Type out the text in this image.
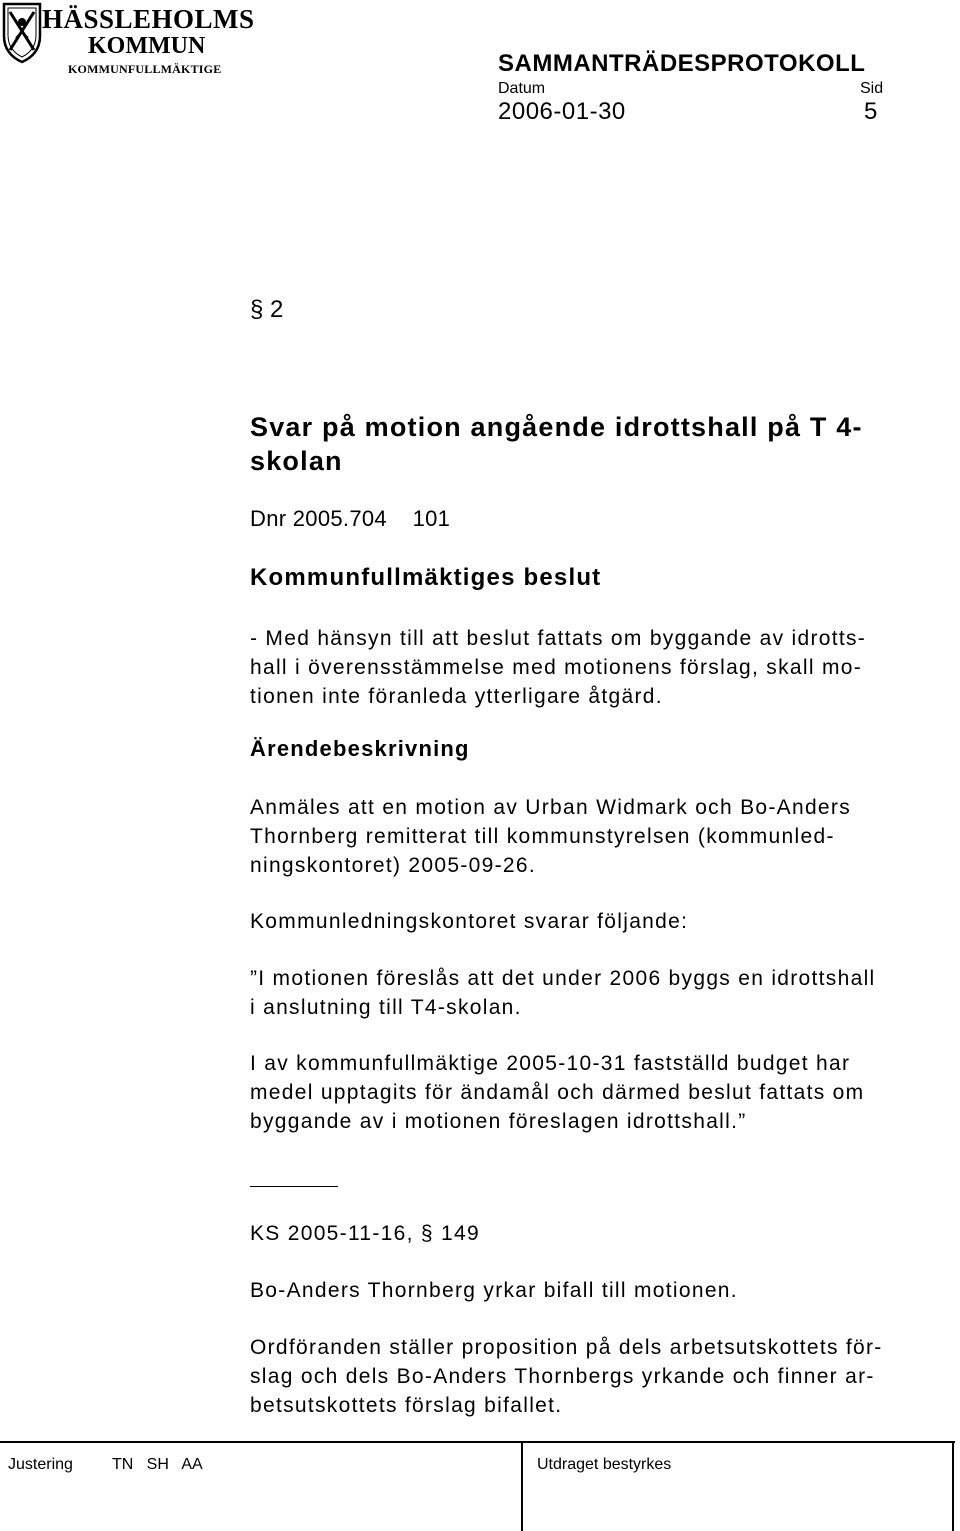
HÄSSLEHOLMS
KOMMUN
KOMMUNFULLMÄKTIGE	SAMMANTRÄDESPROTOKOLL
Datum	Sid
2006-01-30	5
§ 2
Svar på motion angående idrottshall på T 4-skolan
Dnr 2005.704    101
Kommunfullmäktiges beslut
- Med hänsyn till att beslut fattats om byggande av idrotts-
hall i överensstämmelse med motionens förslag, skall mo-
tionen inte föranleda ytterligare åtgärd.
Ärendebeskrivning
Anmäles att en motion av Urban Widmark och Bo-Anders
Thornberg remitterat till kommunstyrelsen (kommunled-
ningskontoret) 2005-09-26.
Kommunledningskontoret svarar följande:
”I motionen föreslås att det under 2006 byggs en idrottshall
i anslutning till T4-skolan.
I av kommunfullmäktige 2005-10-31 fastställd budget har
medel upptagits för ändamål och därmed beslut fattats om
byggande av i motionen föreslagen idrottshall.”
KS 2005-11-16, § 149
Bo-Anders Thornberg yrkar bifall till motionen.
Ordföranden ställer proposition på dels arbetsutskottets för-
slag och dels Bo-Anders Thornbergs yrkande och finner ar-
betsutskottets förslag bifallet.
Justering TN   SH   AA	Utdraget bestyrkes
